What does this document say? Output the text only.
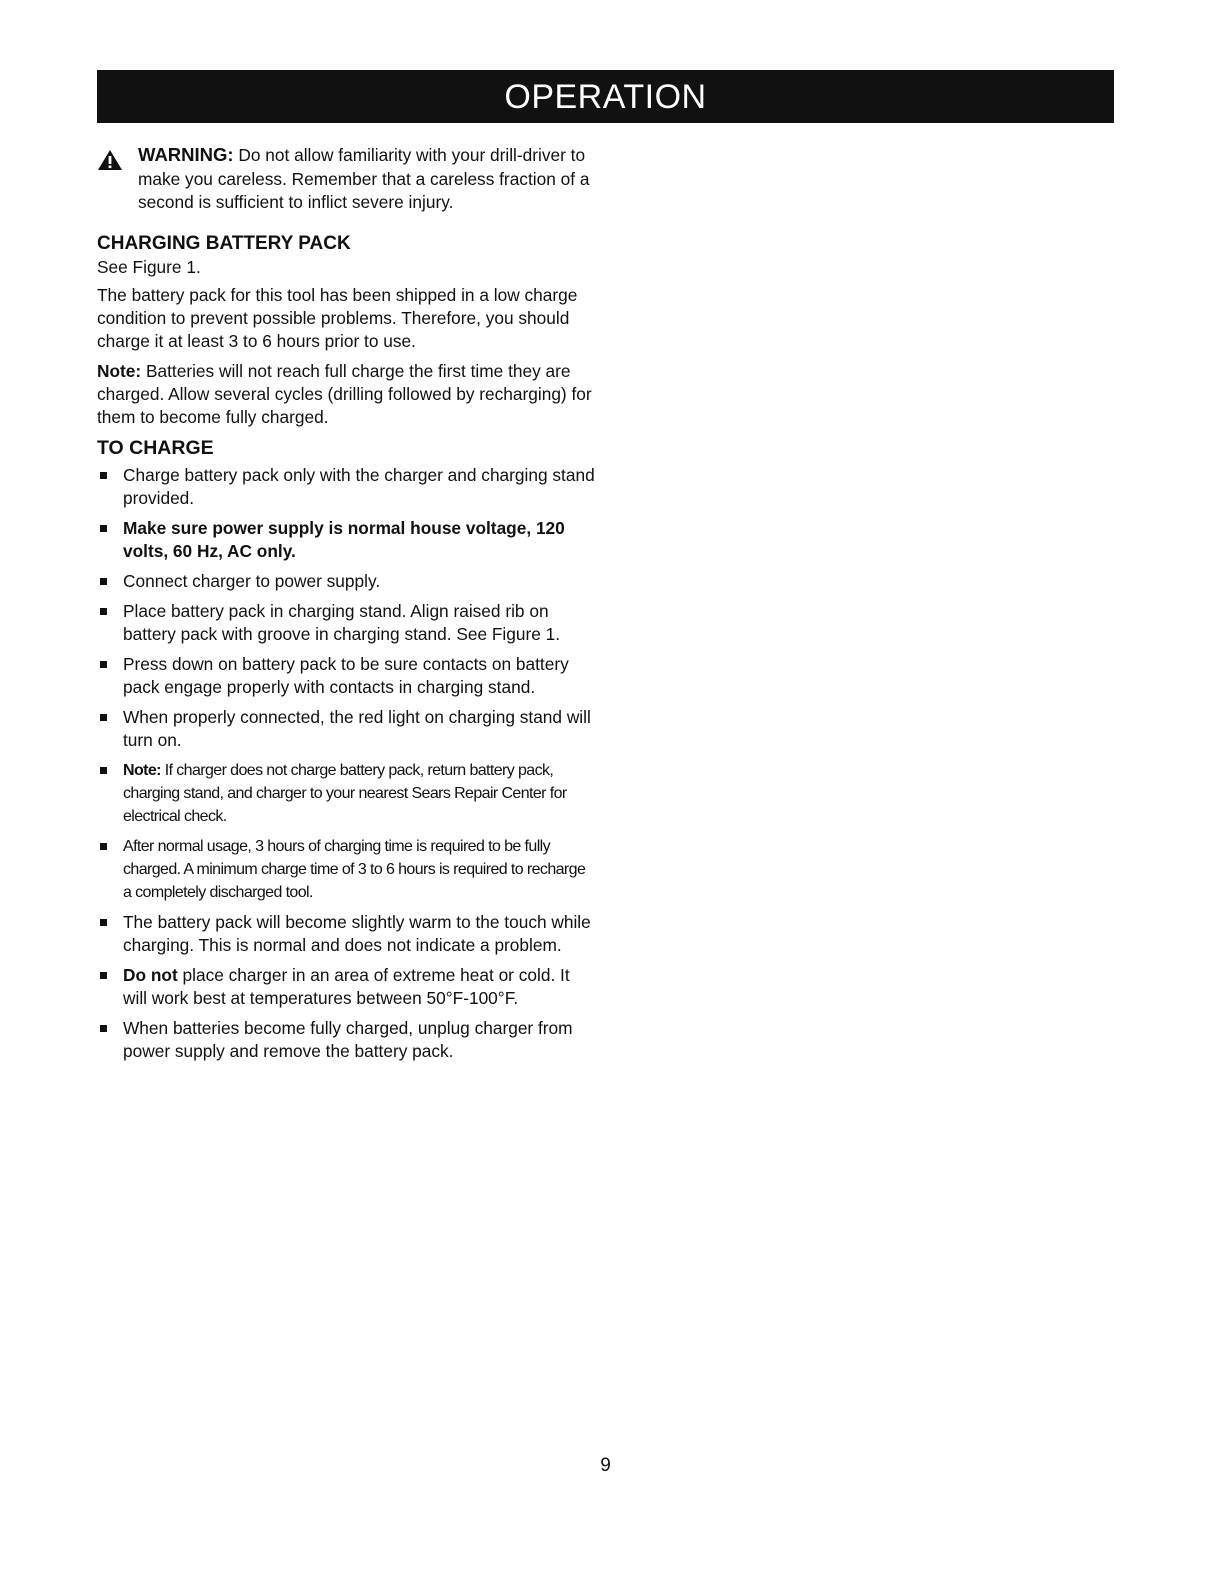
OPERATION
WARNING: Do not allow familiarity with your drill-driver to make you careless. Remember that a careless fraction of a second is sufficient to inflict severe injury.
CHARGING BATTERY PACK

See Figure 1.

The battery pack for this tool has been shipped in a low charge condition to prevent possible problems. Therefore, you should charge it at least 3 to 6 hours prior to use.

Note: Batteries will not reach full charge the first time they are charged. Allow several cycles (drilling followed by recharging) for them to become fully charged.

TO CHARGE
Charge battery pack only with the charger and charging stand provided.
Make sure power supply is normal house voltage, 120 volts, 60 Hz, AC only.
Connect charger to power supply.
Place battery pack in charging stand. Align raised rib on battery pack with groove in charging stand. See Figure 1.
Press down on battery pack to be sure contacts on battery pack engage properly with contacts in charging stand.
When properly connected, the red light on charging stand will turn on.
Note: If charger does not charge battery pack, return battery pack, charging stand, and charger to your nearest Sears Repair Center for electrical check.
After normal usage, 3 hours of charging time is required to be fully charged. A minimum charge time of 3 to 6 hours is required to recharge a completely discharged tool.
The battery pack will become slightly warm to the touch while charging. This is normal and does not indicate a problem.
Do not place charger in an area of extreme heat or cold. It will work best at temperatures between 50°F-100°F.
When batteries become fully charged, unplug charger from power supply and remove the battery pack.
9
